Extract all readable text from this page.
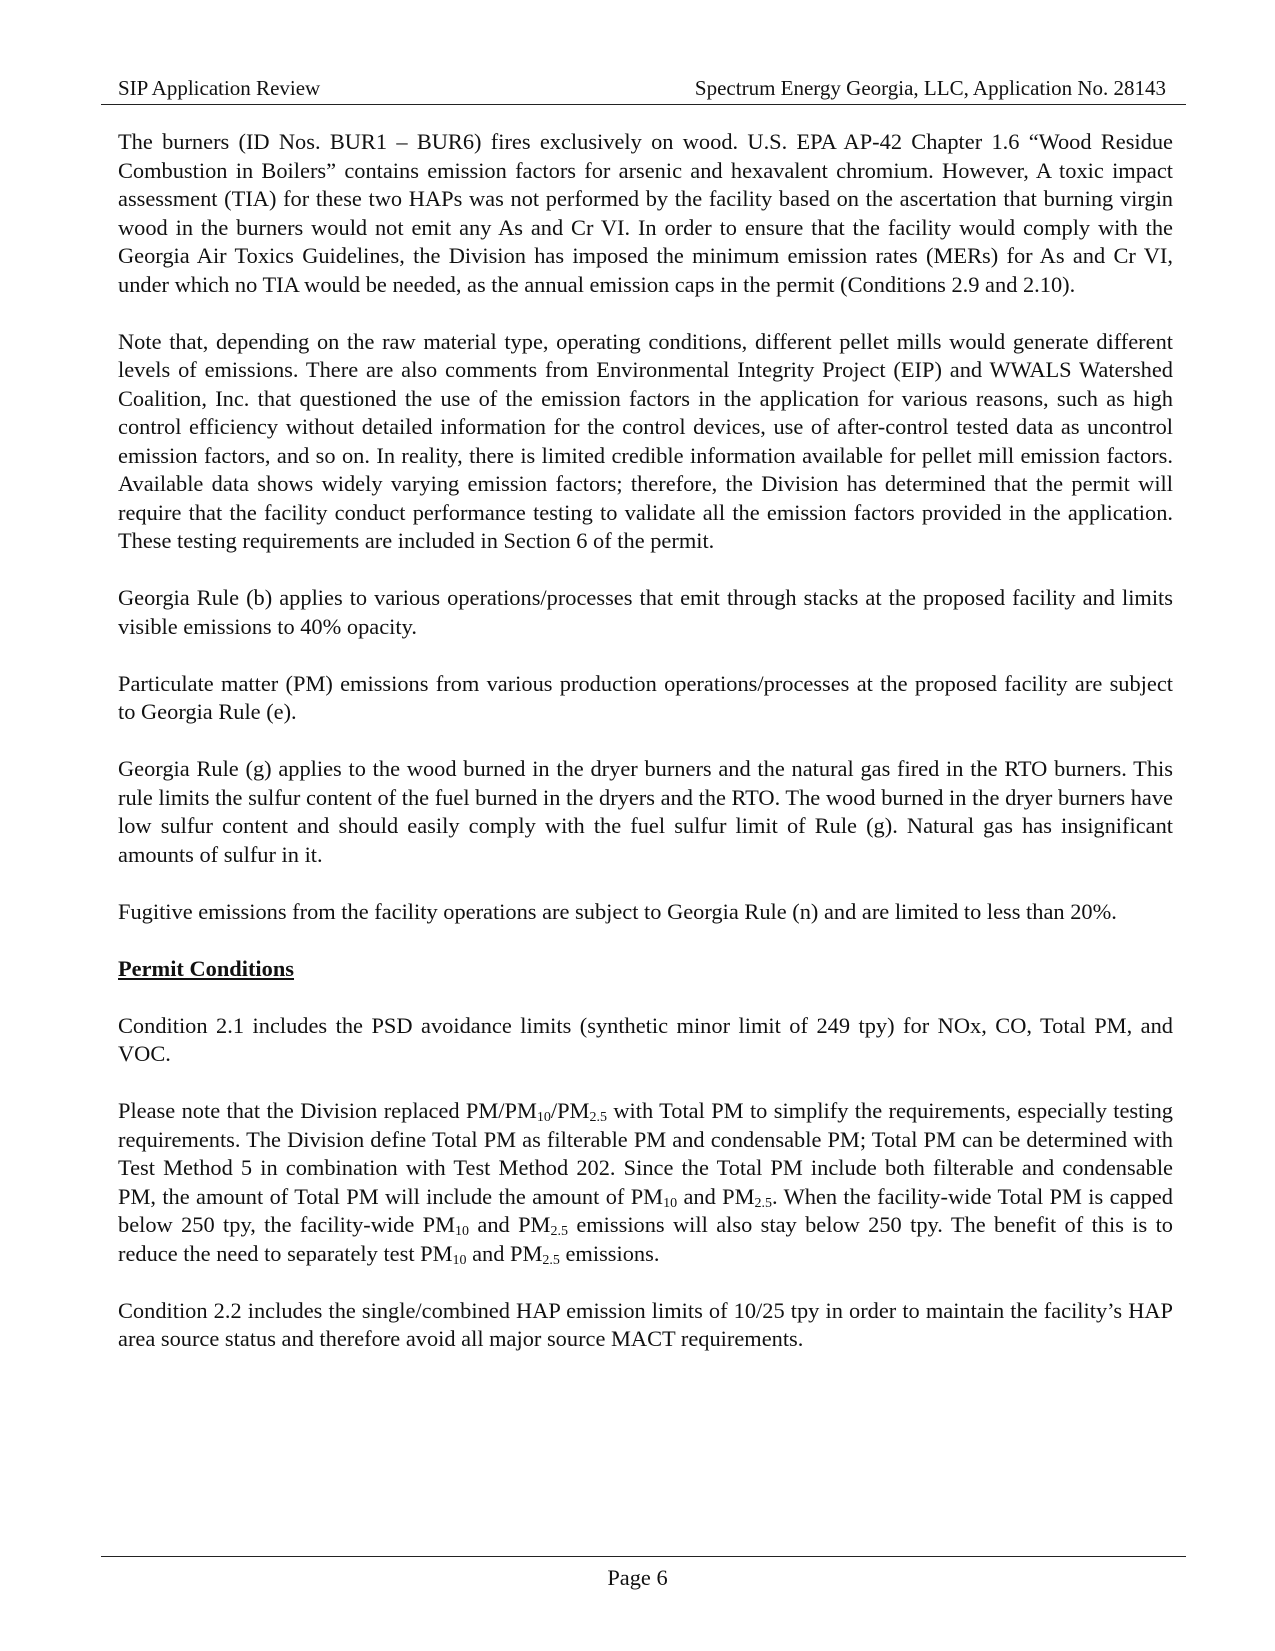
SIP Application Review	Spectrum Energy Georgia, LLC, Application No. 28143

The burners (ID Nos. BUR1 – BUR6) fires exclusively on wood. U.S. EPA AP-42 Chapter 1.6 “Wood Residue Combustion in Boilers” contains emission factors for arsenic and hexavalent chromium. However, A toxic impact assessment (TIA) for these two HAPs was not performed by the facility based on the ascertation that burning virgin wood in the burners would not emit any As and Cr VI. In order to ensure that the facility would comply with the Georgia Air Toxics Guidelines, the Division has imposed the minimum emission rates (MERs) for As and Cr VI, under which no TIA would be needed, as the annual emission caps in the permit (Conditions 2.9 and 2.10).

Note that, depending on the raw material type, operating conditions, different pellet mills would generate different levels of emissions. There are also comments from Environmental Integrity Project (EIP) and WWALS Watershed Coalition, Inc. that questioned the use of the emission factors in the application for various reasons, such as high control efficiency without detailed information for the control devices, use of after-control tested data as uncontrol emission factors, and so on. In reality, there is limited credible information available for pellet mill emission factors. Available data shows widely varying emission factors; therefore, the Division has determined that the permit will require that the facility conduct performance testing to validate all the emission factors provided in the application. These testing requirements are included in Section 6 of the permit.

Georgia Rule (b) applies to various operations/processes that emit through stacks at the proposed facility and limits visible emissions to 40% opacity.

Particulate matter (PM) emissions from various production operations/processes at the proposed facility are subject to Georgia Rule (e).

Georgia Rule (g) applies to the wood burned in the dryer burners and the natural gas fired in the RTO burners. This rule limits the sulfur content of the fuel burned in the dryers and the RTO. The wood burned in the dryer burners have low sulfur content and should easily comply with the fuel sulfur limit of Rule (g). Natural gas has insignificant amounts of sulfur in it.

Fugitive emissions from the facility operations are subject to Georgia Rule (n) and are limited to less than 20%.

Permit Conditions

Condition 2.1 includes the PSD avoidance limits (synthetic minor limit of 249 tpy) for NOx, CO, Total PM, and VOC.

Please note that the Division replaced $PM/PM_{10}/PM_{2.5}$ with Total PM to simplify the requirements, especially testing requirements. The Division define Total PM as filterable PM and condensable PM; Total PM can be determined with Test Method 5 in combination with Test Method 202. Since the Total PM include both filterable and condensable PM, the amount of Total PM will include the amount of $PM_{10}$ and $PM_{2.5}$. When the facility-wide Total PM is capped below 250 tpy, the facility-wide $PM_{10}$ and $PM_{2.5}$ emissions will also stay below 250 tpy. The benefit of this is to reduce the need to separately test $PM_{10}$ and $PM_{2.5}$ emissions.

Condition 2.2 includes the single/combined HAP emission limits of 10/25 tpy in order to maintain the facility’s HAP area source status and therefore avoid all major source MACT requirements.

Page 6
